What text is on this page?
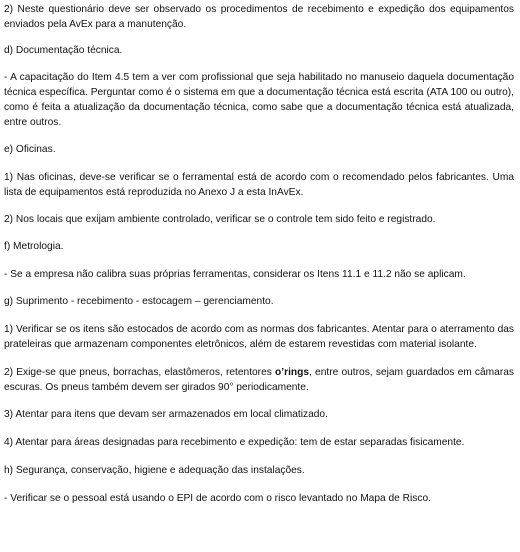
2) Neste questionário deve ser observado os procedimentos de recebimento e expedição dos equipamentos enviados pela AvEx para a manutenção.

d) Documentação técnica.

- A capacitação do Item 4.5 tem a ver com profissional que seja habilitado no manuseio daquela documentação técnica específica. Perguntar como é o sistema em que a documentação técnica está escrita (ATA 100 ou outro), como é feita a atualização da documentação técnica, como sabe que a documentação técnica está atualizada, entre outros.

e) Oficinas.

1) Nas oficinas, deve-se verificar se o ferramental está de acordo com o recomendado pelos fabricantes. Uma lista de equipamentos está reproduzida no Anexo J a esta InAvEx.

2) Nos locais que exijam ambiente controlado, verificar se o controle tem sido feito e registrado.

f) Metrologia.

- Se a empresa não calibra suas próprias ferramentas, considerar os Itens 11.1 e 11.2 não se aplicam.

g) Suprimento - recebimento - estocagem – gerenciamento.

1) Verificar se os itens são estocados de acordo com as normas dos fabricantes. Atentar para o aterramento das prateleiras que armazenam componentes eletrônicos, além de estarem revestidas com material isolante.

2) Exige-se que pneus, borrachas, elastômeros, retentores o’rings, entre outros, sejam guardados em câmaras escuras. Os pneus também devem ser girados 90° periodicamente.

3) Atentar para itens que devam ser armazenados em local climatizado.

4) Atentar para áreas designadas para recebimento e expedição: tem de estar separadas fisicamente.

h) Segurança, conservação, higiene e adequação das instalações.

- Verificar se o pessoal está usando o EPI de acordo com o risco levantado no Mapa de Risco.
